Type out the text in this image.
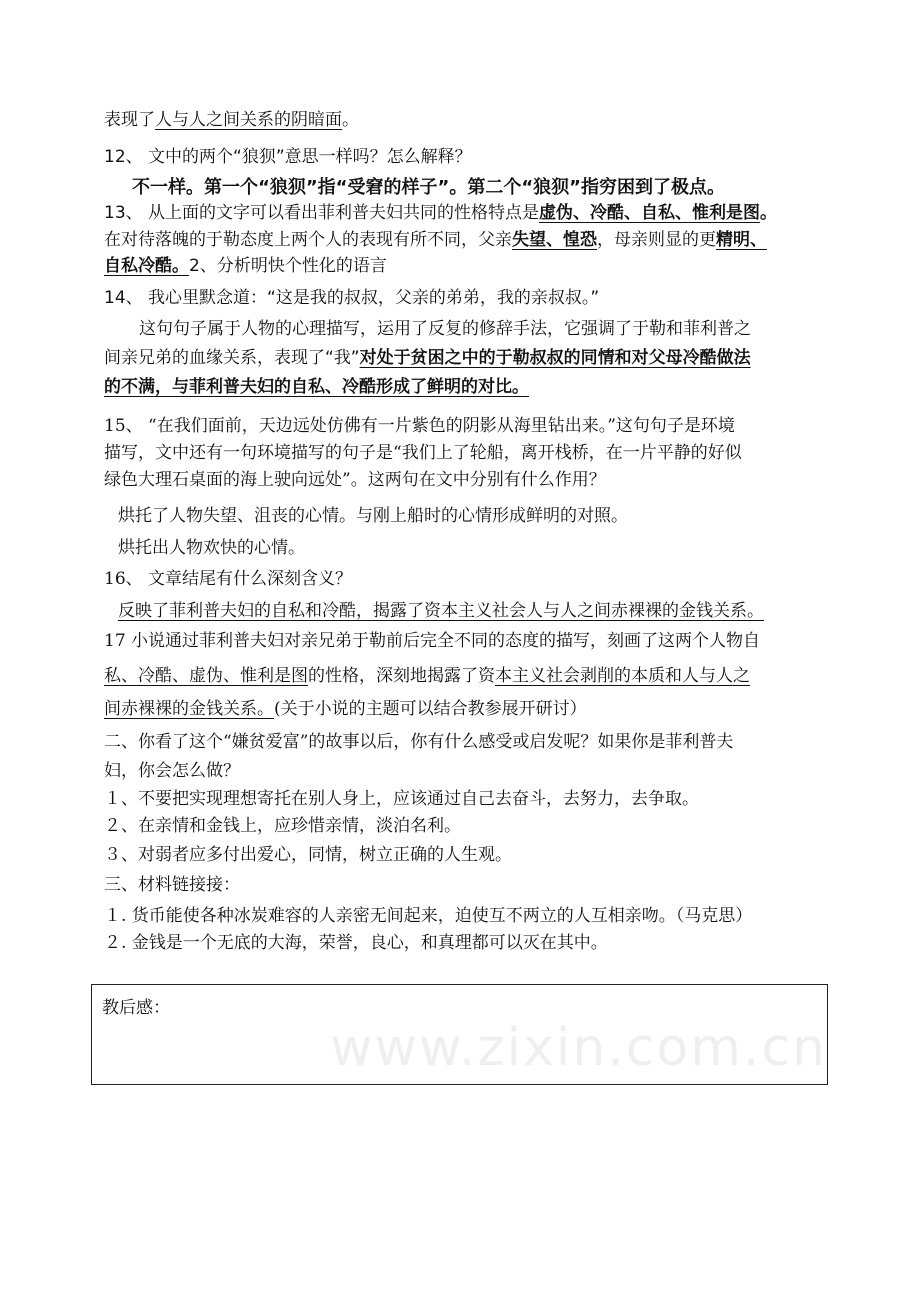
表现了人与人之间关系的阴暗面。
12、 文中的两个“狼狈”意思一样吗？怎么解释？
不一样。第一个“狼狈”指“受窘的样子”。第二个“狼狈”指穷困到了极点。
13、 从上面的文字可以看出菲利普夫妇共同的性格特点是虚伪、冷酷、自私、惟利是图。
在对待落魄的于勒态度上两个人的表现有所不同，父亲失望、惶恐，母亲则显的更精明、
自私冷酷。2、分析明快个性化的语言
14、 我心里默念道：“这是我的叔叔，父亲的弟弟，我的亲叔叔。”
这句句子属于人物的心理描写，运用了反复的修辞手法，它强调了于勒和菲利普之
间亲兄弟的血缘关系，表现了“我”对处于贫困之中的于勒叔叔的同情和对父母冷酷做法
的不满，与菲利普夫妇的自私、冷酷形成了鲜明的对比。
15、 “在我们面前，天边远处仿佛有一片紫色的阴影从海里钻出来。”这句句子是环境
描写，文中还有一句环境描写的句子是“我们上了轮船，离开栈桥，在一片平静的好似
绿色大理石桌面的海上驶向远处”。这两句在文中分别有什么作用？
烘托了人物失望、沮丧的心情。与刚上船时的心情形成鲜明的对照。
烘托出人物欢快的心情。
16、 文章结尾有什么深刻含义？
反映了菲利普夫妇的自私和冷酷，揭露了资本主义社会人与人之间赤裸裸的金钱关系。
17 小说通过菲利普夫妇对亲兄弟于勒前后完全不同的态度的描写，刻画了这两个人物自
私、冷酷、虚伪、惟利是图的性格，深刻地揭露了资本主义社会剥削的本质和人与人之
间赤裸裸的金钱关系。(关于小说的主题可以结合教参展开研讨）
二、你看了这个“嫌贫爱富”的故事以后，你有什么感受或启发呢？如果你是菲利普夫
妇，你会怎么做？
１、不要把实现理想寄托在别人身上，应该通过自己去奋斗，去努力，去争取。
２、在亲情和金钱上，应珍惜亲情，淡泊名利。
３、对弱者应多付出爱心，同情，树立正确的人生观。
三、材料链接接：
１. 货币能使各种冰炭难容的人亲密无间起来，迫使互不两立的人互相亲吻。（马克思）
２. 金钱是一个无底的大海，荣誉，良心，和真理都可以灭在其中。
教后感：
www.zixin.com.cn
